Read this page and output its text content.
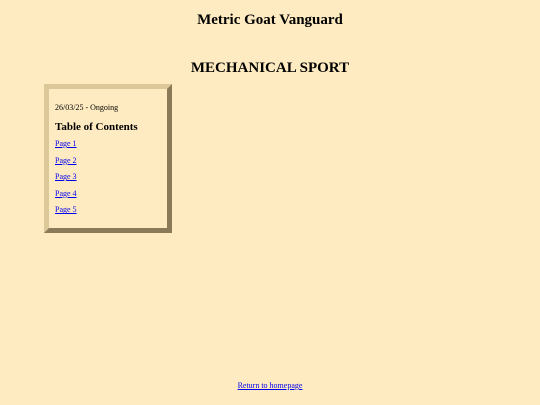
Metric Goat Vanguard
MECHANICAL SPORT
26/03/25 - Ongoing
Table of Contents
Page 1
Page 2
Page 3
Page 4
Page 5
Return to homepage
